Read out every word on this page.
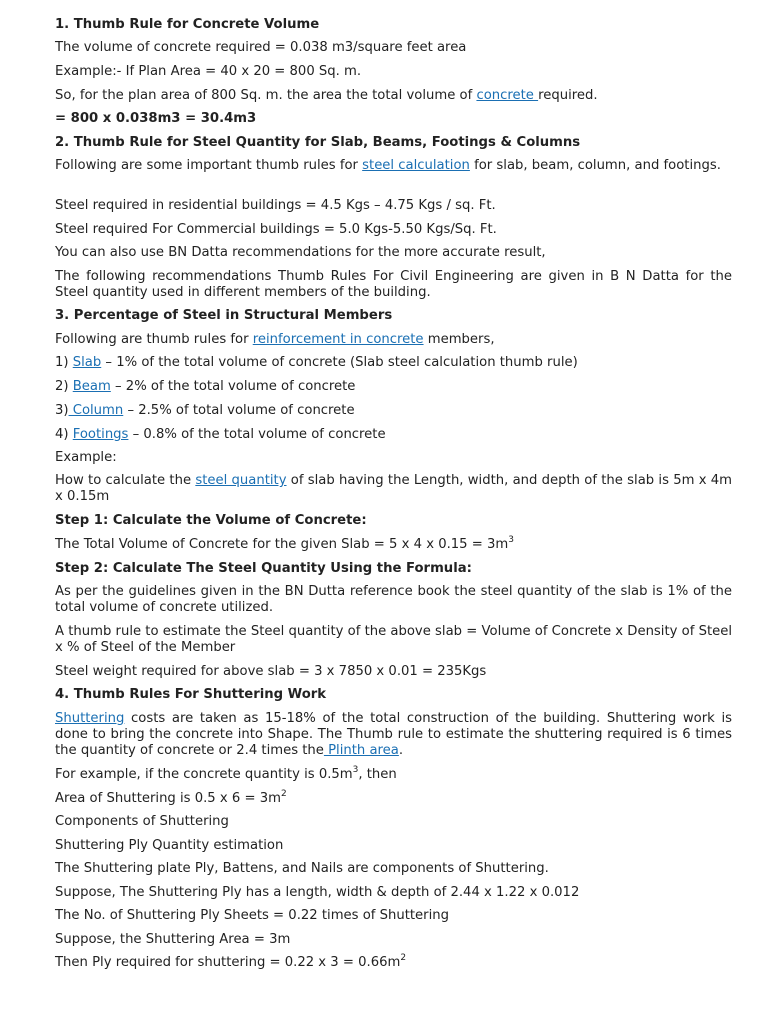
1. Thumb Rule for Concrete Volume
The volume of concrete required = 0.038 m3/square feet area
Example:- If Plan Area = 40 x 20 = 800 Sq. m.
So, for the plan area of 800 Sq. m. the area the total volume of concrete required.
= 800 x 0.038m3 = 30.4m3
2. Thumb Rule for Steel Quantity for Slab, Beams, Footings & Columns
Following are some important thumb rules for steel calculation for slab, beam, column, and footings.
Steel required in residential buildings = 4.5 Kgs – 4.75 Kgs / sq. Ft.
Steel required For Commercial buildings = 5.0 Kgs-5.50 Kgs/Sq. Ft.
You can also use BN Datta recommendations for the more accurate result,
The following recommendations Thumb Rules For Civil Engineering are given in B N Datta for the Steel quantity used in different members of the building.
3. Percentage of Steel in Structural Members
Following are thumb rules for reinforcement in concrete members,
1) Slab – 1% of the total volume of concrete (Slab steel calculation thumb rule)
2) Beam – 2% of the total volume of concrete
3) Column – 2.5% of total volume of concrete
4) Footings – 0.8% of the total volume of concrete
Example:
How to calculate the steel quantity of slab having the Length, width, and depth of the slab is 5m x 4m x 0.15m
Step 1: Calculate the Volume of Concrete:
The Total Volume of Concrete for the given Slab = 5 x 4 x $0.15 = 3m^3$
Step 2: Calculate The Steel Quantity Using the Formula:
As per the guidelines given in the BN Dutta reference book the steel quantity of the slab is 1% of the total volume of concrete utilized.
A thumb rule to estimate the Steel quantity of the above slab = Volume of Concrete x Density of Steel x % of Steel of the Member
Steel weight required for above slab = 3 x 7850 x 0.01 = 235Kgs
4. Thumb Rules For Shuttering Work
Shuttering costs are taken as 15-18% of the total construction of the building. Shuttering work is done to bring the concrete into Shape. The Thumb rule to estimate the shuttering required is 6 times the quantity of concrete or 2.4 times the Plinth area.
For example, if the concrete quantity is $0.5m^3$, then
Area of Shuttering is 0.5 x $6 = 3m^2$
Components of Shuttering
Shuttering Ply Quantity estimation
The Shuttering plate Ply, Battens, and Nails are components of Shuttering.
Suppose, The Shuttering Ply has a length, width & depth of 2.44 x 1.22 x 0.012
The No. of Shuttering Ply Sheets = 0.22 times of Shuttering
Suppose, the Shuttering Area = 3m
Then Ply required for shuttering = 0.22 x $3 = 0.66m^2$
